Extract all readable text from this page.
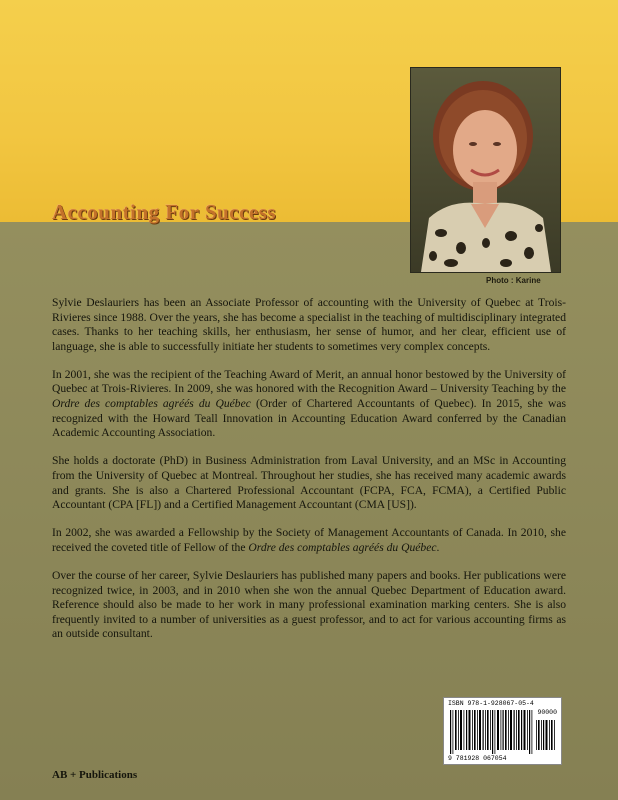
Photo : Karine
Accounting For Success

Sylvie Deslauriers has been an Associate Professor of accounting with the University of Quebec at Trois-Rivieres since 1988. Over the years, she has become a specialist in the teaching of multidisciplinary integrated cases. Thanks to her teaching skills, her enthusiasm, her sense of humor, and her clear, efficient use of language, she is able to successfully initiate her students to sometimes very complex concepts.

In 2001, she was the recipient of the Teaching Award of Merit, an annual honor bestowed by the University of Quebec at Trois-Rivieres. In 2009, she was honored with the Recognition Award – University Teaching by the Ordre des comptables agréés du Québec (Order of Chartered Accountants of Quebec). In 2015, she was recognized with the Howard Teall Innovation in Accounting Education Award conferred by the Canadian Academic Accounting Association.

She holds a doctorate (PhD) in Business Administration from Laval University, and an MSc in Accounting from the University of Quebec at Montreal. Throughout her studies, she has received many academic awards and grants. She is also a Chartered Professional Accountant (FCPA, FCA, FCMA), a Certified Public Accountant (CPA [FL]) and a Certified Management Accountant (CMA [US]).

In 2002, she was awarded a Fellowship by the Society of Management Accountants of Canada. In 2010, she received the coveted title of Fellow of the Ordre des comptables agréés du Québec.

Over the course of her career, Sylvie Deslauriers has published many papers and books. Her publications were recognized twice, in 2003, and in 2010 when she won the annual Quebec Department of Education award. Reference should also be made to her work in many professional examination marking centers. She is also frequently invited to a number of universities as a guest professor, and to act for various accounting firms as an outside consultant.

ISBN 978-1-928067-05-4
90000
9 781928 067054
AB + Publications
